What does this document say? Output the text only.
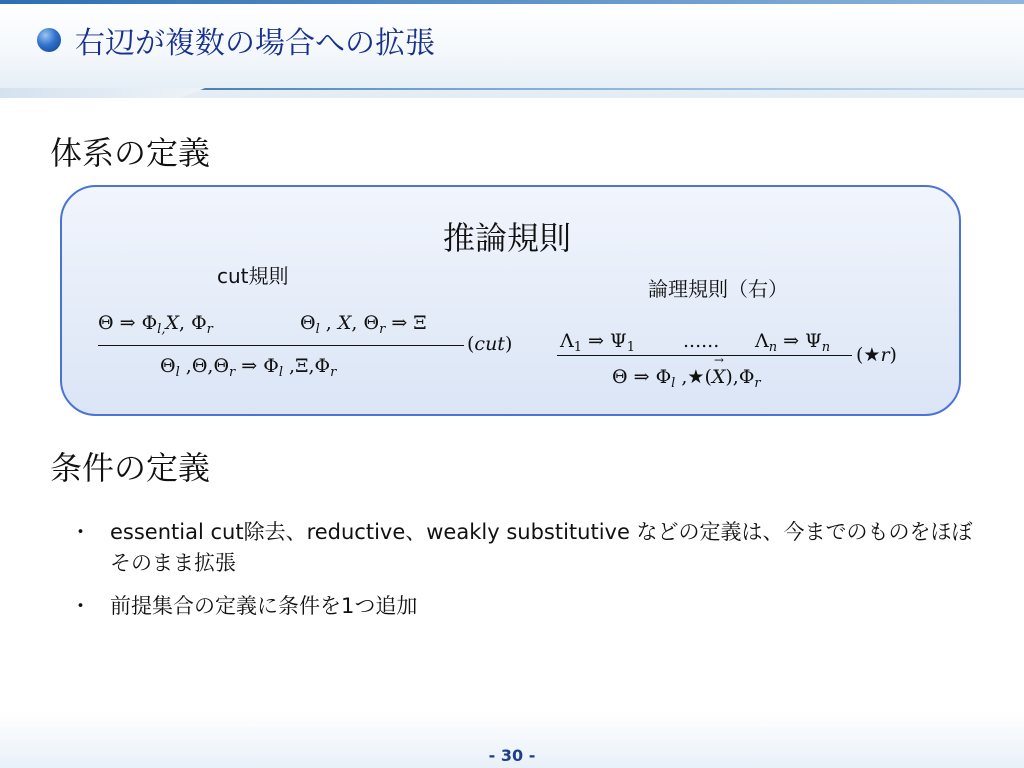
右辺が複数の場合への拡張
体系の定義
推論規則
cut規則
論理規則（右）
Θ ⇒ $\Phi_{l,}X$, $\Phi_r$	$\Theta_l$ , X, $\Theta_r$ ⇒ Ξ
(cut)
$\Theta_l$ $,\Theta,\Theta_r$ ⇒ $\Phi_l$ $,\Xi,\Phi_r$
$\Lambda_1$ ⇒ $\Psi_1$	...... $\Lambda_n$ ⇒ $\Psi_n$ (★r)
Θ ⇒ $\Phi_l$ ,★(→ $X),\Phi_r$
条件の定義
・ essential cut除去、reductive、weakly substitutive などの定義は、今までのものをほぼそのまま拡張
・ 前提集合の定義に条件を1つ追加
- 30 -
